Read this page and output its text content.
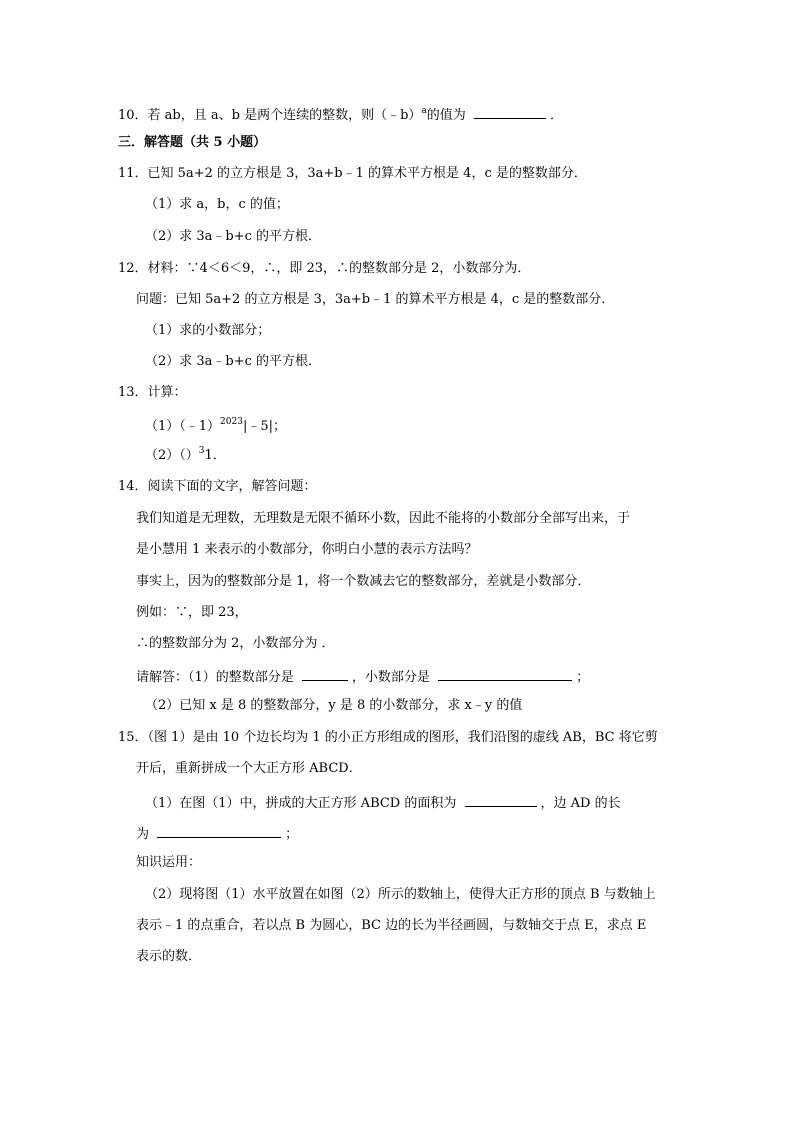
10．若 ab，且 a、b 是两个连续的整数，则（﹣b）$^a$的值为	．
三．解答题（共 5 小题）
11．已知 5a+2 的立方根是 3，3a+b﹣1 的算术平方根是 4，c 是的整数部分．
（1）求 a，b，c 的值；
（2）求 3a﹣b+c 的平方根．
12．材料：∵4＜6＜9，∴，即 23，∴的整数部分是 2，小数部分为．
问题：已知 5a+2 的立方根是 3，3a+b﹣1 的算术平方根是 4，c 是的整数部分．
（1）求的小数部分；
（2）求 3a﹣b+c 的平方根．
13．计算：
（1）（﹣1）$^{2023}$|﹣5|；
（2）（）$^3$1．
14．阅读下面的文字，解答问题：
我们知道是无理数，无理数是无限不循环小数，因此不能将的小数部分全部写出来，于
是小慧用 1 来表示的小数部分，你明白小慧的表示方法吗？
事实上，因为的整数部分是 1，将一个数减去它的整数部分，差就是小数部分．
例如：∵，即 23，
∴的整数部分为 2，小数部分为 ．
请解答：（1）的整数部分是	，小数部分是	；
（2）已知 x 是 8 的整数部分，y 是 8 的小数部分，求 x﹣y 的值
15．（图 1）是由 10 个边长均为 1 的小正方形组成的图形，我们沿图的虚线 AB，BC 将它剪
开后，重新拼成一个大正方形 ABCD．
（1）在图（1）中，拼成的大正方形 ABCD 的面积为	，边 AD 的长
为	；
知识运用：
（2）现将图（1）水平放置在如图（2）所示的数轴上，使得大正方形的顶点 B 与数轴上
表示﹣1 的点重合，若以点 B 为圆心，BC 边的长为半径画圆，与数轴交于点 E，求点 E
表示的数．
